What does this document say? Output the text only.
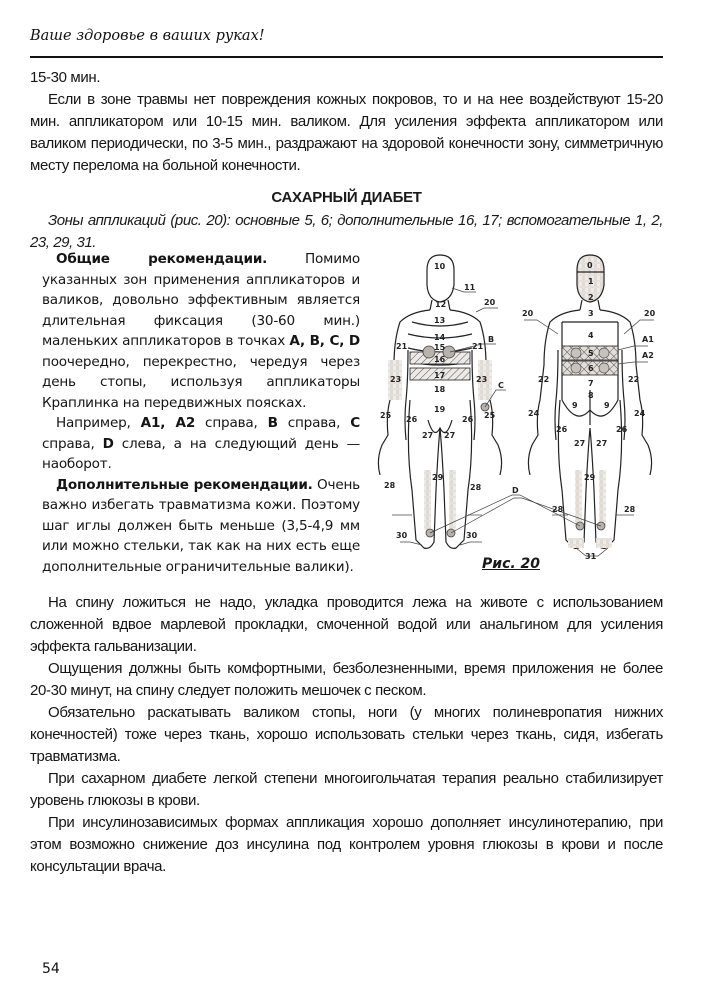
Ваше здоровье в ваших руках!

15-30 мин.

Если в зоне травмы нет повреждения кожных покровов, то и на нее воздействуют 15-20 мин. аппликатором или 10-15 мин. валиком. Для усиления эффекта аппликатором или валиком периодически, по 3-5 мин., раздражают на здоровой конечности зону, симметричную месту перелома на больной конечности.

САХАРНЫЙ ДИАБЕТ

Зоны аппликаций (рис. 20): основные 5, 6; дополнительные 16, 17; вспомогательные 1, 2, 23, 29, 31.

Общие рекомендации. Помимо указанных зон применения аппликаторов и валиков, довольно эффективным является длительная фиксация (30-60 мин.) маленьких аппликаторов в точках A, B, C, D поочередно, перекрестно, чередуя через день стопы, используя аппликаторы Краплинка на передвижных поясках.

Например, A1, A2 справа, B справа, C справа, D слева, а на следующий день — наоборот.

Дополнительные рекомендации. Очень важно избегать травматизма кожи. Поэтому шаг иглы должен быть меньше (3,5-4,9 мм или можно стельки, так как на них есть еще дополнительные ограничительные валики).

10
11
12
13
14
15
16
17
18
19
20
21	21
23	23
25	25
26	26
27 27
28	28
29
30	30
B
C
D
0
1
2
3
4
5
6
7
8
9	9
20	20
22	22
24	24
26	26
27 27
28	28
29
31
A1
A2
Рис. 20

На спину ложиться не надо, укладка проводится лежа на животе с использованием сложенной вдвое марлевой прокладки, смоченной водой или анальгином для усиления эффекта гальванизации.

Ощущения должны быть комфортными, безболезненными, время приложения не более 20-30 минут, на спину следует положить мешочек с песком.

Обязательно раскатывать валиком стопы, ноги (у многих полиневропатия нижних конечностей) тоже через ткань, хорошо использовать стельки через ткань, сидя, избегать травматизма.

При сахарном диабете легкой степени многоигольчатая терапия реально стабилизирует уровень глюкозы в крови.

При инсулинозависимых формах аппликация хорошо дополняет инсулинотерапию, при этом возможно снижение доз инсулина под контролем уровня глюкозы в крови и после консультации врача.

54
